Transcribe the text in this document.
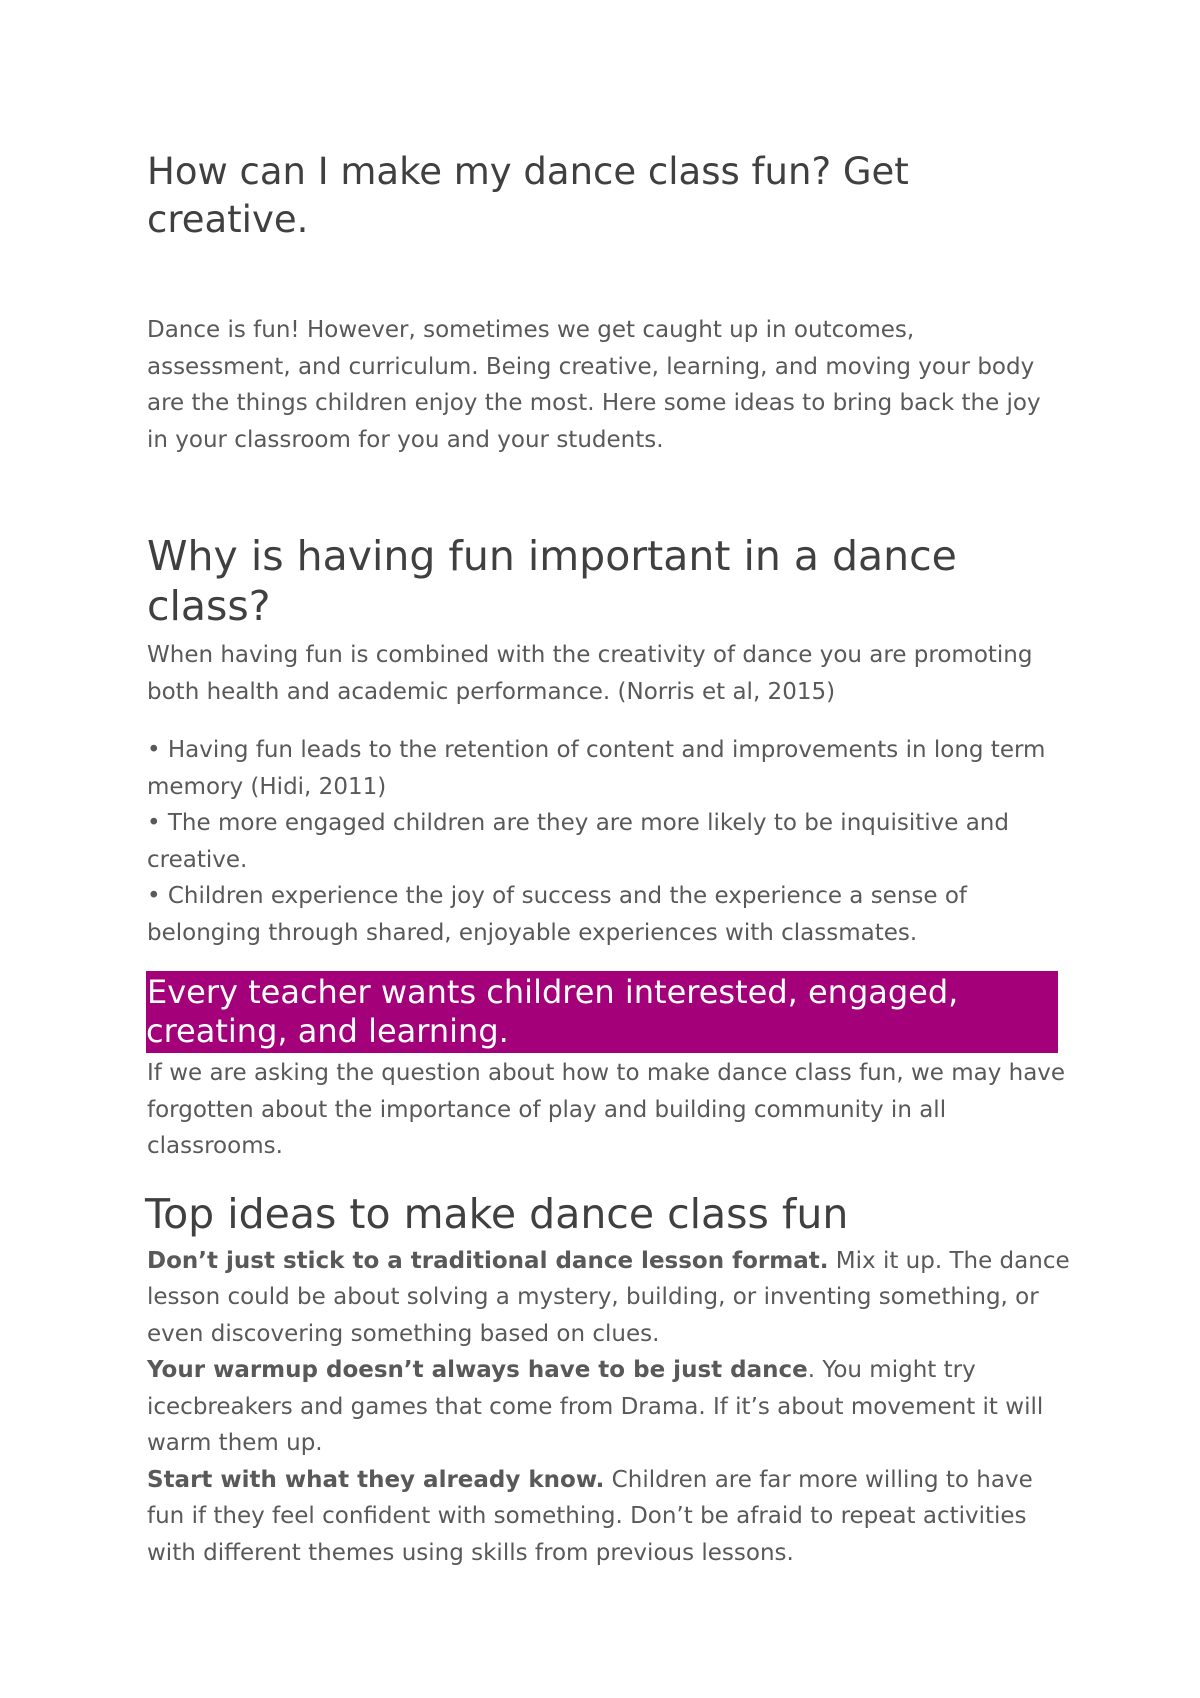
How can I make my dance class fun? Get creative.

Dance is fun! However, sometimes we get caught up in outcomes, assessment, and curriculum. Being creative, learning, and moving your body are the things children enjoy the most. Here some ideas to bring back the joy in your classroom for you and your students.

Why is having fun important in a dance class?

When having fun is combined with the creativity of dance you are promoting both health and academic performance. (Norris et al, 2015)

• Having fun leads to the retention of content and improvements in long term memory (Hidi, 2011)

• The more engaged children are they are more likely to be inquisitive and creative.

• Children experience the joy of success and the experience a sense of belonging through shared, enjoyable experiences with classmates.

Every teacher wants children interested, engaged, creating, and learning.

If we are asking the question about how to make dance class fun, we may have forgotten about the importance of play and building community in all classrooms.

Top ideas to make dance class fun

Don’t just stick to a traditional dance lesson format. Mix it up. The dance lesson could be about solving a mystery, building, or inventing something, or even discovering something based on clues.

Your warmup doesn’t always have to be just dance. You might try icecbreakers and games that come from Drama. If it’s about movement it will warm them up.

Start with what they already know. Children are far more willing to have fun if they feel confident with something. Don’t be afraid to repeat activities with different themes using skills from previous lessons.
